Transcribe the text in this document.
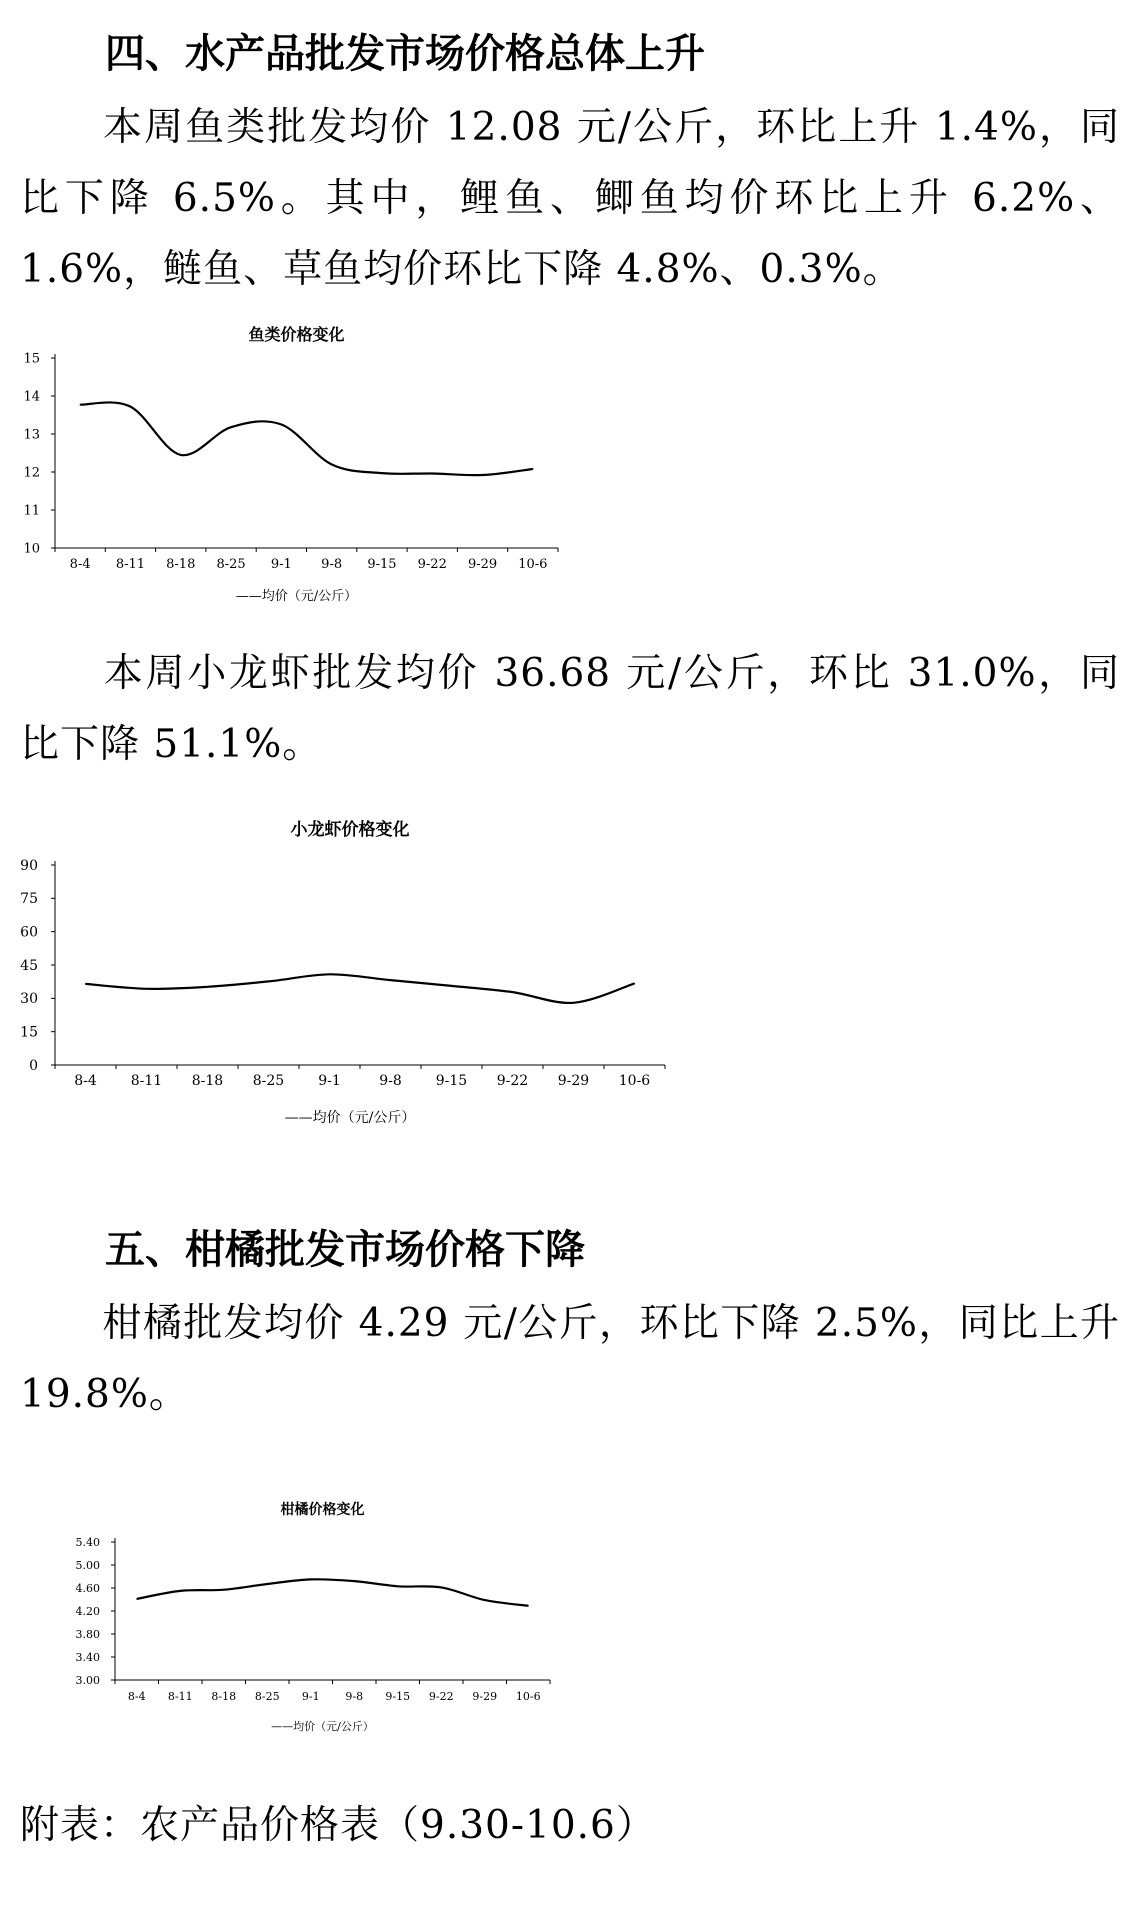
四、水产品批发市场价格总体上升

本周鱼类批发均价 12.08 元/公斤，环比上升 1.4%，同比下降 6.5%。其中，鲤鱼、鲫鱼均价环比上升 6.2%、1.6%，鲢鱼、草鱼均价环比下降 4.8%、0.3%。

鱼类价格变化
10
11
12
13
14
15
8-4 8-11 8-18 8-25 9-1 9-8 9-15 9-22 9-29 10-6
——均价（元/公斤）

本周小龙虾批发均价 36.68 元/公斤，环比 31.0%，同比下降 51.1%。

小龙虾价格变化
0
15
30
45
60
75
90
8-4 8-11 8-18 8-25 9-1	9-8 9-15 9-22 9-29 10-6
——均价（元/公斤）
五、柑橘批发市场价格下降

柑橘批发均价 4.29 元/公斤，环比下降 2.5%，同比上升 19.8%。

柑橘价格变化
3.00
3.40
3.80
4.20
4.60
5.00
5.40
8-4 8-11 8-18 8-25 9-1 9-8 9-15 9-22 9-29 10-6
——均价（元/公斤）

附表：农产品价格表（9.30-10.6）
